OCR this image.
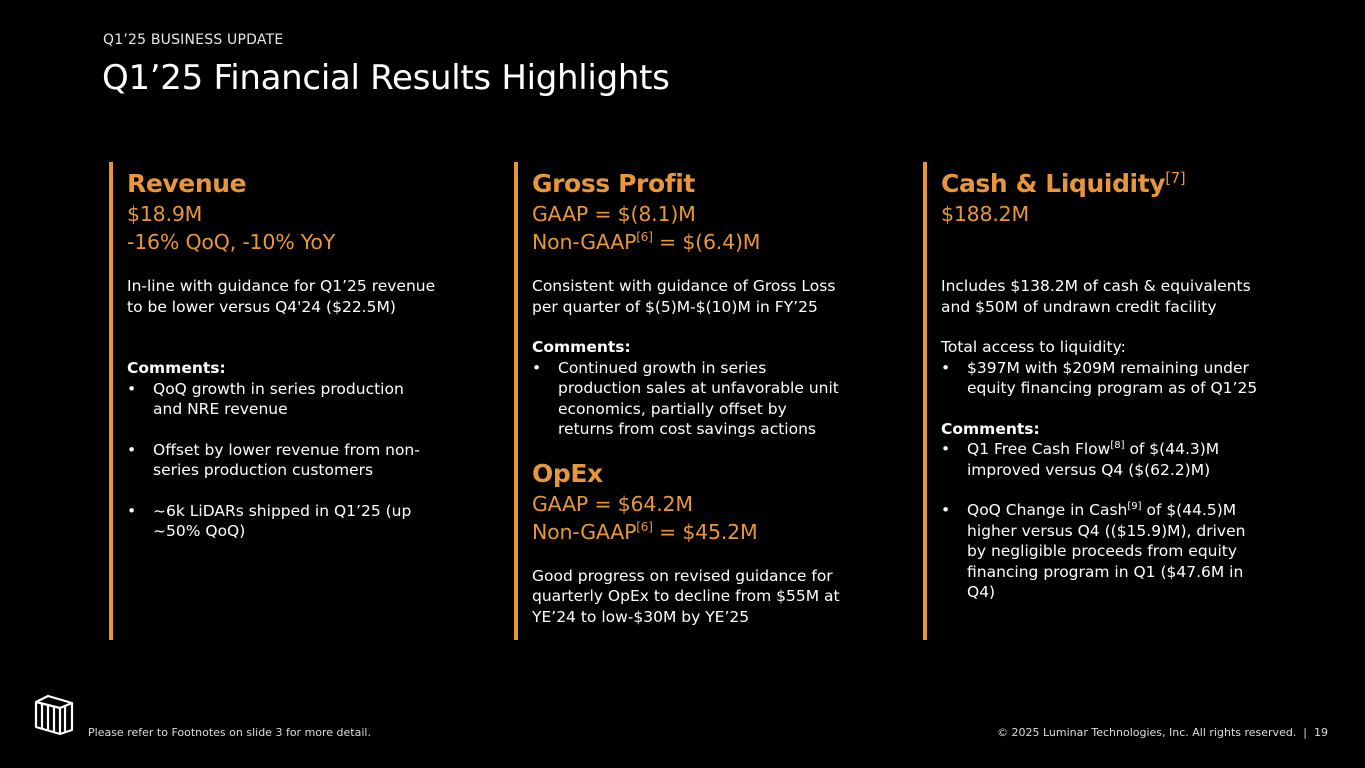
Q1’25 BUSINESS UPDATE
Q1’25 Financial Results Highlights
Revenue
$18.9M
-16% QoQ, -10% YoY
In-line with guidance for Q1’25 revenue
to be lower versus Q4'24 ($22.5M)
Comments:
•	QoQ growth in series production
and NRE revenue
•	Offset by lower revenue from non-
series production customers
•	~6k LiDARs shipped in Q1’25 (up
~50% QoQ)
Gross Profit
GAAP = $(8.1)M
Non-GAAP[6] = $(6.4)M
Consistent with guidance of Gross Loss
per quarter of $(5)M-$(10)M in FY’25
Comments:
•	Continued growth in series
production sales at unfavorable unit
economics, partially offset by
returns from cost savings actions
OpEx
GAAP = $64.2M
Non-GAAP[6] = $45.2M
Good progress on revised guidance for
quarterly OpEx to decline from $55M at
YE’24 to low-$30M by YE’25
Cash & Liquidity[7]
$188.2M
Includes $138.2M of cash & equivalents
and $50M of undrawn credit facility
Total access to liquidity:
•	$397M with $209M remaining under
equity financing program as of Q1’25
Comments:
•	Q1 Free Cash Flow[8] of $(44.3)M
improved versus Q4 ($(62.2)M)
•	QoQ Change in Cash[9] of $(44.5)M
higher versus Q4 (($15.9)M), driven
by negligible proceeds from equity
financing program in Q1 ($47.6M in
Q4)
Please refer to Footnotes on slide 3 for more detail.	© 2025 Luminar Technologies, Inc. All rights reserved.  |  19
